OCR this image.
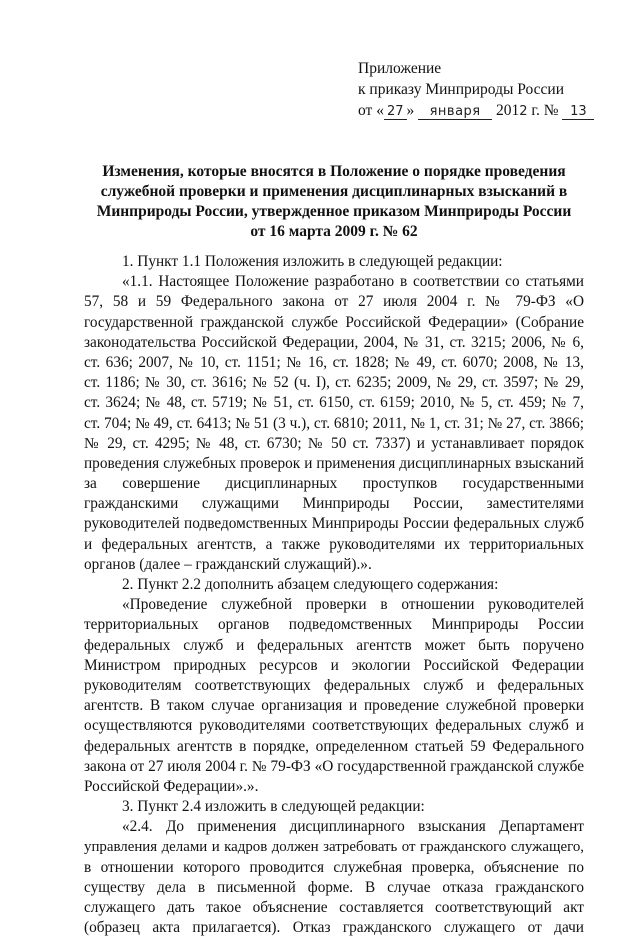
Приложение
к приказу Минприроды России
от « 27 » января 2012 г. № 13
Изменения, которые вносятся в Положение о порядке проведения
служебной проверки и применения дисциплинарных взысканий в
Минприроды России, утвержденное приказом Минприроды России
от 16 марта 2009 г. № 62
1. Пункт 1.1 Положения изложить в следующей редакции:
«1.1. Настоящее Положение разработано в соответствии со статьями
57, 58 и 59 Федерального закона от 27 июля 2004 г. № 79-ФЗ «О
государственной гражданской службе Российской Федерации» (Собрание
законодательства Российской Федерации, 2004, № 31, ст. 3215; 2006, № 6,
ст. 636; 2007, № 10, ст. 1151; № 16, ст. 1828; № 49, ст. 6070; 2008, № 13,
ст. 1186; № 30, ст. 3616; № 52 (ч. I), ст. 6235; 2009, № 29, ст. 3597; № 29,
ст. 3624; № 48, ст. 5719; № 51, ст. 6150, ст. 6159; 2010, № 5, ст. 459; № 7,
ст. 704; № 49, ст. 6413; № 51 (3 ч.), ст. 6810; 2011, № 1, ст. 31; № 27, ст. 3866;
№ 29, ст. 4295; № 48, ст. 6730; № 50 ст. 7337) и устанавливает порядок
проведения служебных проверок и применения дисциплинарных взысканий
за совершение дисциплинарных проступков государственными
гражданскими служащими Минприроды России, заместителями
руководителей подведомственных Минприроды России федеральных служб
и федеральных агентств, а также руководителями их территориальных
органов (далее – гражданский служащий).».
2. Пункт 2.2 дополнить абзацем следующего содержания:
«Проведение служебной проверки в отношении руководителей
территориальных органов подведомственных Минприроды России
федеральных служб и федеральных агентств может быть поручено
Министром природных ресурсов и экологии Российской Федерации
руководителям соответствующих федеральных служб и федеральных
агентств. В таком случае организация и проведение служебной проверки
осуществляются руководителями соответствующих федеральных служб и
федеральных агентств в порядке, определенном статьей 59 Федерального
закона от 27 июля 2004 г. № 79-ФЗ «О государственной гражданской службе
Российской Федерации».».
3. Пункт 2.4 изложить в следующей редакции:
«2.4. До применения дисциплинарного взыскания Департамент
управления делами и кадров должен затребовать от гражданского служащего,
в отношении которого проводится служебная проверка, объяснение по
существу дела в письменной форме. В случае отказа гражданского
служащего дать такое объяснение составляется соответствующий акт
(образец акта прилагается). Отказ гражданского служащего от дачи
